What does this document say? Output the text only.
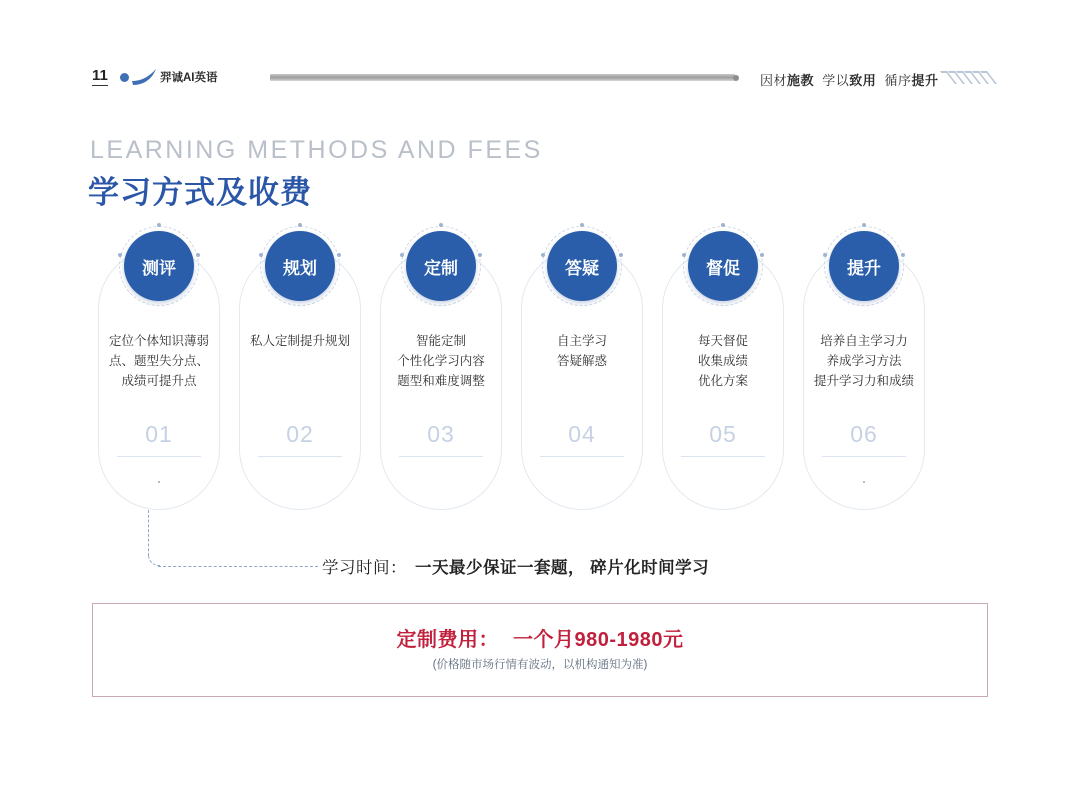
11	羿诚AI英语	因材施教 学以致用 循序提升
LEARNING METHODS AND FEES
学习方式及收费
测评
定位个体知识薄弱点、题型失分点、成绩可提升点
01
规划
私人定制提升规划
02
定制
智能定制
个性化学习内容
题型和难度调整
03
答疑
自主学习
答疑解惑
04
督促
每天督促
收集成绩
优化方案
05
提升
培养自主学习力
养成学习方法
提升学习力和成绩
06
学习时间： 一天最少保证一套题， 碎片化时间学习
定制费用： 一个月980-1980元
(价格随市场行情有波动，以机构通知为准)
